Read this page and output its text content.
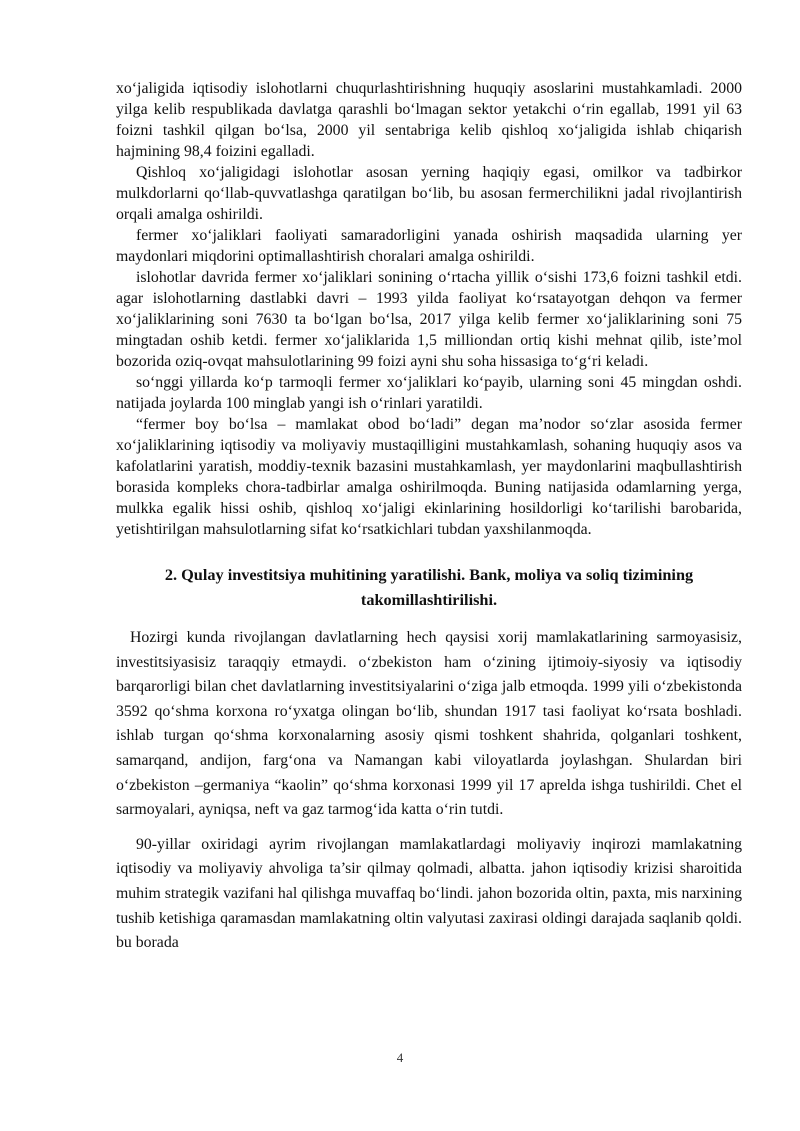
xo‘jaligida iqtisodiy islohotlarni chuqurlashtirishning huquqiy asoslarini mustahkamladi. 2000 yilga kelib respublikada davlatga qarashli bo‘lmagan sektor yetakchi o‘rin egallab, 1991 yil 63 foizni tashkil qilgan bo‘lsa, 2000 yil sentabriga kelib qishloq xo‘jaligida ishlab chiqarish hajmining 98,4 foizini egalladi.

Qishloq xo‘jaligidagi islohotlar asosan yerning haqiqiy egasi, omilkor va tadbirkor mulkdorlarni qo‘llab-quvvatlashga qaratilgan bo‘lib, bu asosan fermerchilikni jadal rivojlantirish orqali amalga oshirildi.

fermer xo‘jaliklari faoliyati samaradorligini yanada oshirish maqsadida ularning yer maydonlari miqdorini optimallashtirish choralari amalga oshirildi.

islohotlar davrida fermer xo‘jaliklari sonining o‘rtacha yillik o‘sishi 173,6 foizni tashkil etdi. agar islohotlarning dastlabki davri – 1993 yilda faoliyat ko‘rsatayotgan dehqon va fermer xo‘jaliklarining soni 7630 ta bo‘lgan bo‘lsa, 2017 yilga kelib fermer xo‘jaliklarining soni 75 mingtadan oshib ketdi. fermer xo‘jaliklarida 1,5 milliondan ortiq kishi mehnat qilib, iste’mol bozorida oziq-ovqat mahsulotlarining 99 foizi ayni shu soha hissasiga to‘g‘ri keladi.

so‘nggi yillarda ko‘p tarmoqli fermer xo‘jaliklari ko‘payib, ularning soni 45 mingdan oshdi. natijada joylarda 100 minglab yangi ish o‘rinlari yaratildi.

“fermer boy bo‘lsa – mamlakat obod bo‘ladi” degan ma’nodor so‘zlar asosida fermer xo‘jaliklarining iqtisodiy va moliyaviy mustaqilligini mustahkamlash, sohaning huquqiy asos va kafolatlarini yaratish, moddiy-texnik bazasini mustahkamlash, yer maydonlarini maqbullashtirish borasida kompleks chora-tadbirlar amalga oshirilmoqda. Buning natijasida odamlarning yerga, mulkka egalik hissi oshib, qishloq xo‘jaligi ekinlarining hosildorligi ko‘tarilishi barobarida, yetishtirilgan mahsulotlarning sifat ko‘rsatkichlari tubdan yaxshilanmoqda.

2. Qulay investitsiya muhitining yaratilishi. Bank, moliya va soliq tizimining takomillashtirilishi.

Hozirgi kunda rivojlangan davlatlarning hech qaysisi xorij mamlakatlarining sarmoyasisiz, investitsiyasisiz taraqqiy etmaydi. o‘zbekiston ham o‘zining ijtimoiy-siyosiy va iqtisodiy barqarorligi bilan chet davlatlarning investitsiyalarini o‘ziga jalb etmoqda. 1999 yili o‘zbekistonda 3592 qo‘shma korxona ro‘yxatga olingan bo‘lib, shundan 1917 tasi faoliyat ko‘rsata boshladi. ishlab turgan qo‘shma korxonalarning asosiy qismi toshkent shahrida, qolganlari toshkent, samarqand, andijon, farg‘ona va Namangan kabi viloyatlarda joylashgan. Shulardan biri o‘zbekiston –germaniya “kaolin” qo‘shma korxonasi 1999 yil 17 aprelda ishga tushirildi. Chet el sarmoyalari, ayniqsa, neft va gaz tarmog‘ida katta o‘rin tutdi.

90-yillar oxiridagi ayrim rivojlangan mamlakatlardagi moliyaviy inqirozi mamlakatning iqtisodiy va moliyaviy ahvoliga ta’sir qilmay qolmadi, albatta. jahon iqtisodiy krizisi sharoitida muhim strategik vazifani hal qilishga muvaffaq bo‘lindi. jahon bozorida oltin, paxta, mis narxining tushib ketishiga qaramasdan mamlakatning oltin valyutasi zaxirasi oldingi darajada saqlanib qoldi. bu borada

4
